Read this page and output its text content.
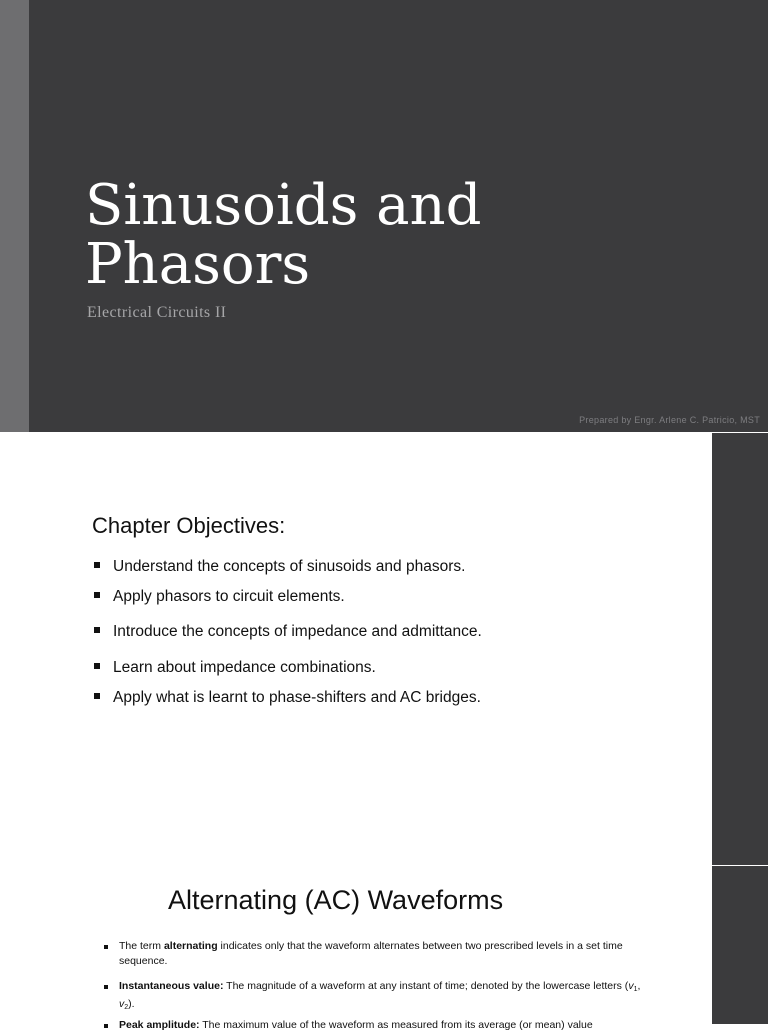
Sinusoids and Phasors

Electrical Circuits II

Prepared by Engr. Arlene C. Patricio, MST

Chapter Objectives:
Understand the concepts of sinusoids and phasors.
Apply phasors to circuit elements.
Introduce the concepts of impedance and admittance.
Learn about impedance combinations.
Apply what is learnt to phase-shifters and AC bridges.
Alternating (AC) Waveforms
The term alternating indicates only that the waveform alternates between two prescribed levels in a set time sequence.
Instantaneous value: The magnitude of a waveform at any instant of time; denoted by the lowercase letters ($v_1$, $v_2$).
Peak amplitude: The maximum value of the waveform as measured from its average (or mean) value
